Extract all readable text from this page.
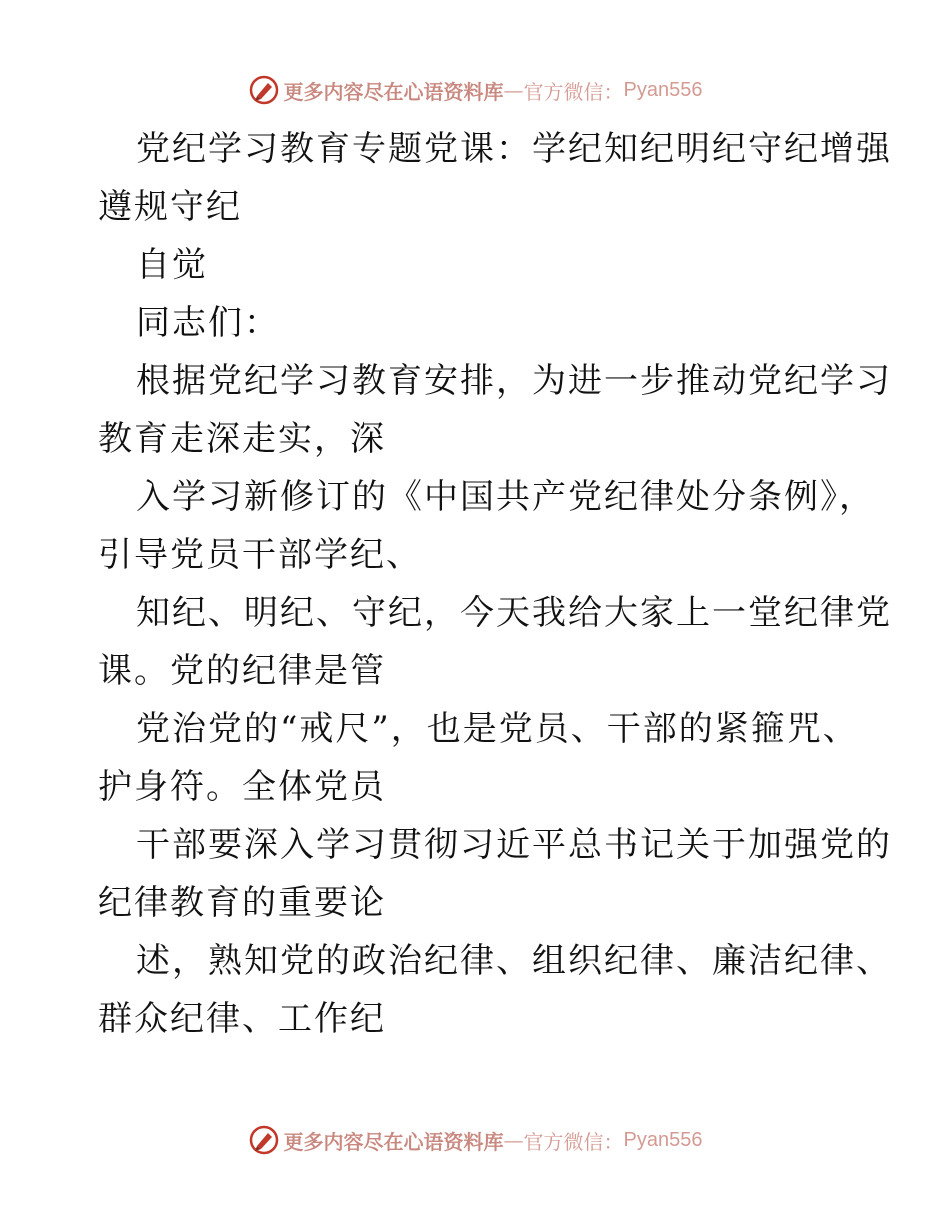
更多内容尽在心语资料库 — 官方微信： Pyan556
党纪学习教育专题党课：学纪知纪明纪守纪增强
遵规守纪
自觉
同志们：
根据党纪学习教育安排，为进一步推动党纪学习
教育走深走实，深
入学习新修订的《中国共产党纪律处分条例》，
引导党员干部学纪、
知纪、明纪、守纪，今天我给大家上一堂纪律党
课。党的纪律是管
党治党的“戒尺”，也是党员、干部的紧箍咒、
护身符。全体党员
干部要深入学习贯彻习近平总书记关于加强党的
纪律教育的重要论
述，熟知党的政治纪律、组织纪律、廉洁纪律、
群众纪律、工作纪
更多内容尽在心语资料库 — 官方微信： Pyan556
